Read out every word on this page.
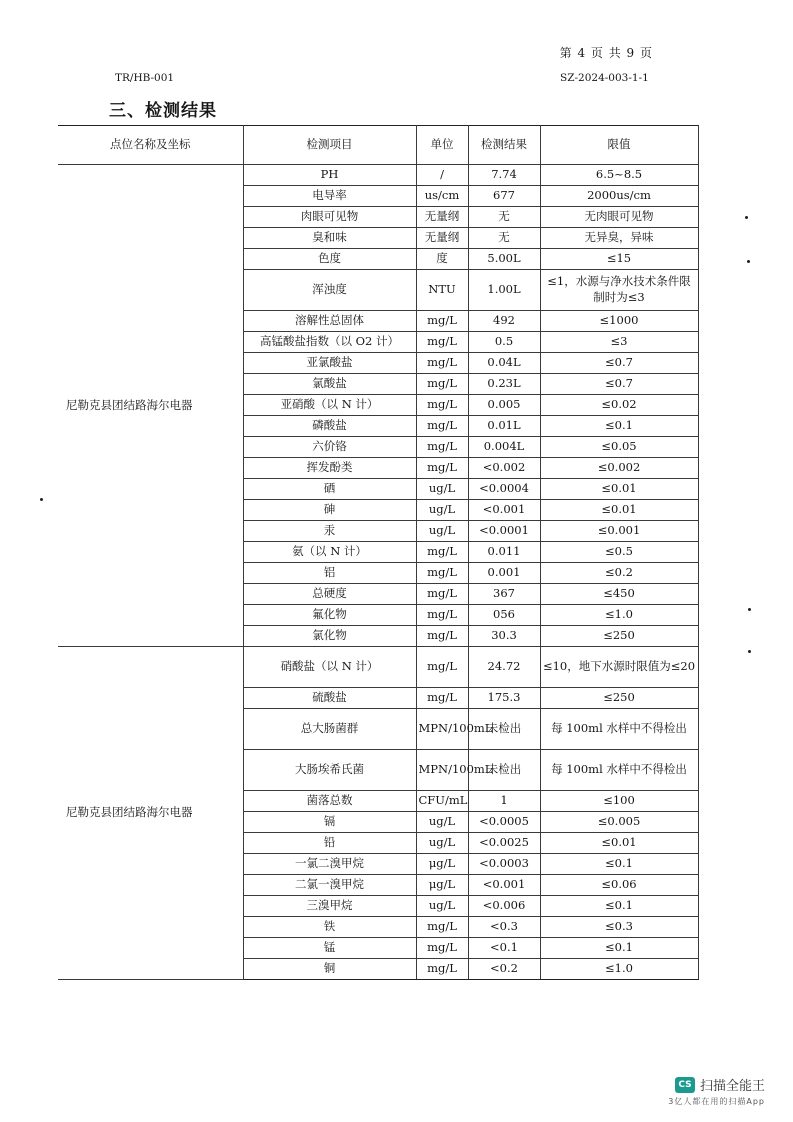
第 4 页 共 9 页
TR/HB-001	SZ-2024-003-1-1
三、检测结果
点位名称及坐标	检测项目	单位	检测结果	限值
尼勒克县团结路海尔电器	PH	/	7.74	6.5~8.5
	电导率	us/cm	677	2000us/cm
	肉眼可见物	无量纲	无	无肉眼可见物
	臭和味	无量纲	无	无异臭，异味
	色度	度	5.00L	≤15
	浑浊度	NTU	1.00L	≤1，水源与净水技术条件限制时为≤3
	溶解性总固体	mg/L	492	≤1000
	高锰酸盐指数（以 O2 计）	mg/L	0.5	≤3
	亚氯酸盐	mg/L	0.04L	≤0.7
	氯酸盐	mg/L	0.23L	≤0.7
	亚硝酸（以 N 计）	mg/L	0.005	≤0.02
	磷酸盐	mg/L	0.01L	≤0.1
	六价铬	mg/L	0.004L	≤0.05
	挥发酚类	mg/L	<0.002	≤0.002
	硒	ug/L	<0.0004	≤0.01
	砷	ug/L	<0.001	≤0.01
	汞	ug/L	<0.0001	≤0.001
	氨（以 N 计）	mg/L	0.011	≤0.5
	铝	mg/L	0.001	≤0.2
	总硬度	mg/L	367	≤450
	氟化物	mg/L	056	≤1.0
	氯化物	mg/L	30.3	≤250
尼勒克县团结路海尔电器	硝酸盐（以 N 计）	mg/L	24.72	≤10，地下水源时限值为≤20
	硫酸盐	mg/L	175.3	≤250
	总大肠菌群	MPN/100mL	未检出	每 100ml 水样中不得检出
	大肠埃希氏菌	MPN/100mL	未检出	每 100ml 水样中不得检出
	菌落总数	CFU/mL	1	≤100
	镉	ug/L	<0.0005	≤0.005
	铅	ug/L	<0.0025	≤0.01
	一氯二溴甲烷	μg/L	<0.0003	≤0.1
	二氯一溴甲烷	μg/L	<0.001	≤0.06
	三溴甲烷	ug/L	<0.006	≤0.1
	铁	mg/L	<0.3	≤0.3
	锰	mg/L	<0.1	≤0.1
	铜	mg/L	<0.2	≤1.0
CS 扫描全能王
3亿人都在用的扫描App
